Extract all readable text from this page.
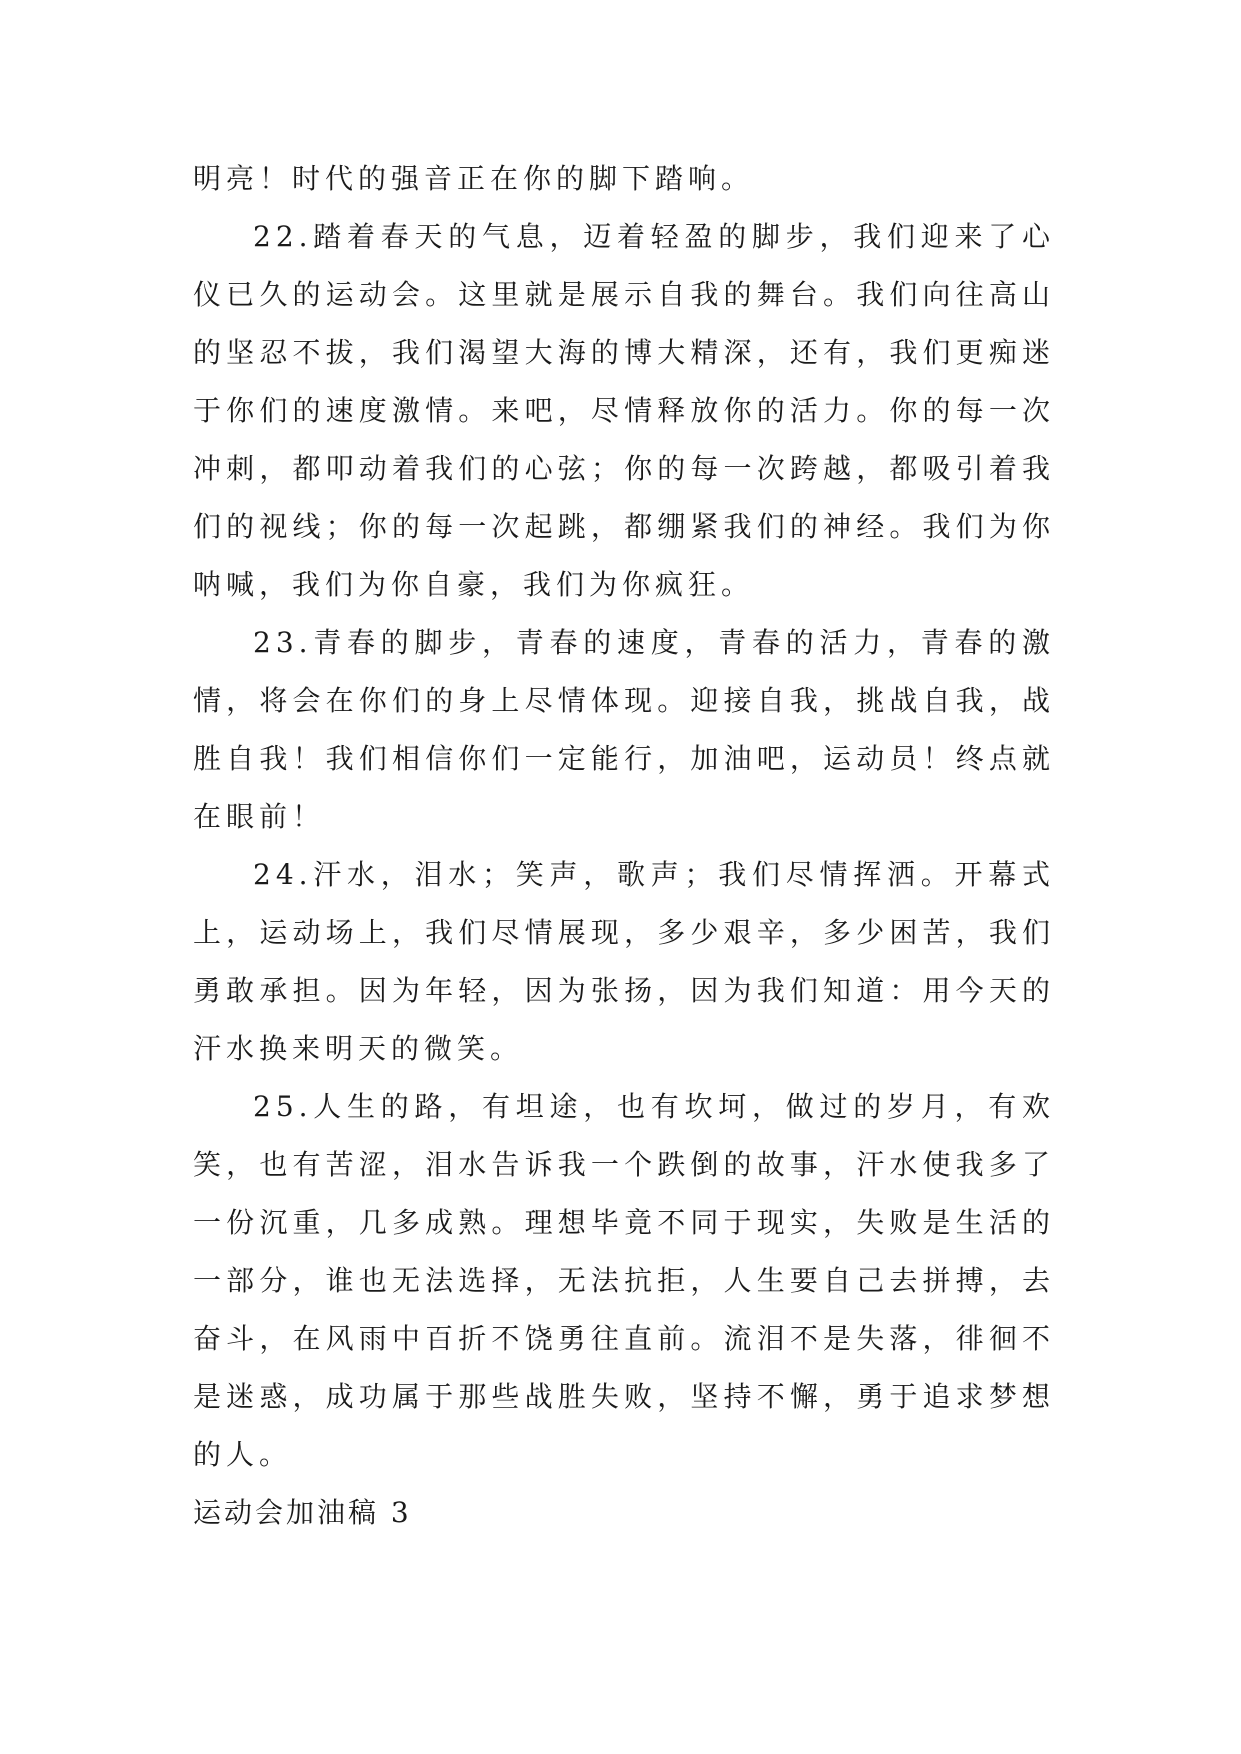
明亮！时代的强音正在你的脚下踏响。

22.踏着春天的气息，迈着轻盈的脚步，我们迎来了心仪已久的运动会。这里就是展示自我的舞台。我们向往高山的坚忍不拔，我们渴望大海的博大精深，还有，我们更痴迷于你们的速度激情。来吧，尽情释放你的活力。你的每一次冲刺，都叩动着我们的心弦；你的每一次跨越，都吸引着我们的视线；你的每一次起跳，都绷紧我们的神经。我们为你呐喊，我们为你自豪，我们为你疯狂。

23.青春的脚步，青春的速度，青春的活力，青春的激情，将会在你们的身上尽情体现。迎接自我，挑战自我，战胜自我！我们相信你们一定能行，加油吧，运动员！终点就在眼前！

24.汗水，泪水；笑声，歌声；我们尽情挥洒。开幕式上，运动场上，我们尽情展现，多少艰辛，多少困苦，我们勇敢承担。因为年轻，因为张扬，因为我们知道：用今天的汗水换来明天的微笑。

25.人生的路，有坦途，也有坎坷，做过的岁月，有欢笑，也有苦涩，泪水告诉我一个跌倒的故事，汗水使我多了一份沉重，几多成熟。理想毕竟不同于现实，失败是生活的一部分，谁也无法选择，无法抗拒，人生要自己去拼搏，去奋斗，在风雨中百折不饶勇往直前。流泪不是失落，徘徊不是迷惑，成功属于那些战胜失败，坚持不懈，勇于追求梦想的人。

运动会加油稿 3
